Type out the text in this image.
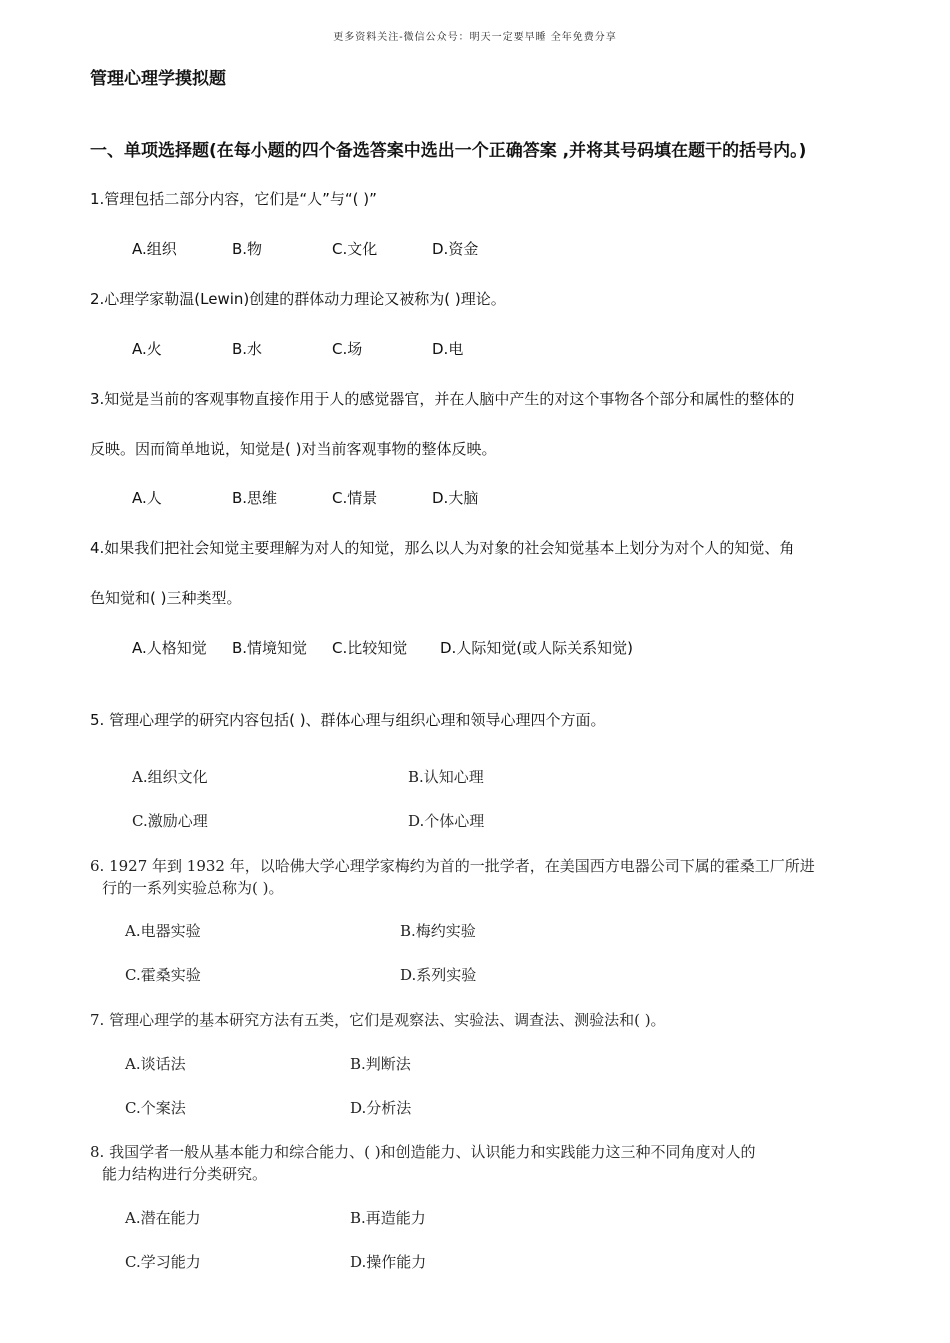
更多资料关注-微信公众号：明天一定要早睡 全年免费分享
管理心理学摸拟题
一、单项选择题(在每小题的四个备选答案中选出一个正确答案 ,并将其号码填在题干的括号内。)
1.管理包括二部分内容，它们是“人”与“( )”
A.组织	B.物	C.文化	D.资金
2.心理学家勒温(Lewin)创建的群体动力理论又被称为( )理论。
A.火	B.水	C.场	D.电
3.知觉是当前的客观事物直接作用于人的感觉器官，并在人脑中产生的对这个事物各个部分和属性的整体的
反映。因而简单地说，知觉是( )对当前客观事物的整体反映。
A.人	B.思维	C.情景	D.大脑
4.如果我们把社会知觉主要理解为对人的知觉，那么以人为对象的社会知觉基本上划分为对个人的知觉、角
色知觉和( )三种类型。
A.人格知觉 B.情境知觉 C.比较知觉 D.人际知觉(或人际关系知觉)
5. 管理心理学的研究内容包括( )、群体心理与组织心理和领导心理四个方面。
A.组织文化	B.认知心理
C.激励心理	D.个体心理
6. 1927 年到 1932 年，以哈佛大学心理学家梅约为首的一批学者，在美国西方电器公司下属的霍桑工厂所进
行的一系列实验总称为( )。
A.电器实验	B.梅约实验
C.霍桑实验	D.系列实验
7. 管理心理学的基本研究方法有五类，它们是观察法、实验法、调查法、测验法和( )。
A.谈话法	B.判断法
C.个案法	D.分析法
8. 我国学者一般从基本能力和综合能力、( )和创造能力、认识能力和实践能力这三种不同角度对人的
能力结构进行分类研究。
A.潜在能力	B.再造能力
C.学习能力	D.操作能力
